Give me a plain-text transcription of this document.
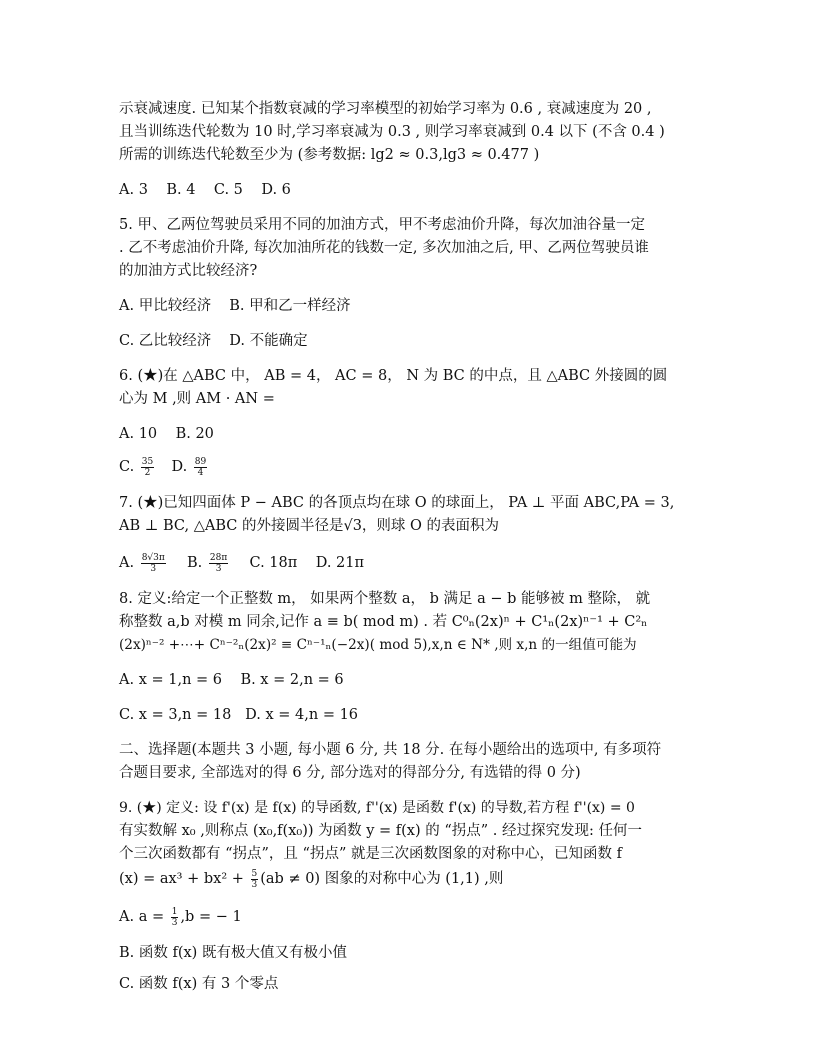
示衰减速度. 已知某个指数衰减的学习率模型的初始学习率为 0.6 , 衰减速度为 20 ,
且当训练迭代轮数为 10 时,学习率衰减为 0.3 , 则学习率衰减到 0.4 以下 (不含 0.4 )
所需的训练迭代轮数至少为 (参考数据: lg2 ≈ 0.3,lg3 ≈ 0.477 )
A. 3    B. 4    C. 5    D. 6
5. 甲、乙两位驾驶员采用不同的加油方式，甲不考虑油价升降，每次加油谷量一定
. 乙不考虑油价升降, 每次加油所花的钱数一定, 多次加油之后, 甲、乙两位驾驶员谁
的加油方式比较经济?
A. 甲比较经济 B. 甲和乙一样经济
C. 乙比较经济 D. 不能确定
6. (★)在 △ABC 中， AB = 4， AC = 8， N 为 BC 的中点，且 △ABC 外接圆的圆
心为 M ,则 AM · AN =
A. 10    B. 20
C. $\frac{35}{2} D$. $\frac{89}{4}$
7. (★)已知四面体 P − ABC 的各顶点均在球 O 的球面上， PA ⊥ 平面 ABC,PA = 3,
AB ⊥ BC, △ABC 的外接圆半径是√3，则球 O 的表面积为
A. $\frac{8√3\pi}{3} B$. $\frac{28\pi}{3} C$. 18π    D. 21π
8. 定义:给定一个正整数 m， 如果两个整数 a， b 满足 a − b 能够被 m 整除， 就
称整数 a,b 对模 m 同余,记作 a ≡ b( mod m) . 若 C⁰ₙ(2x)ⁿ + C¹ₙ(2x)ⁿ⁻¹ + C²ₙ
(2x)ⁿ⁻² +⋯+ Cⁿ⁻²ₙ(2x)² ≡ Cⁿ⁻¹ₙ(−2x)( mod 5),x,n ∈ N* ,则 x,n 的一组值可能为
A. x = 1,n = 6    B. x = 2,n = 6
C. x = 3,n = 18   D. x = 4,n = 16
二、选择题(本题共 3 小题, 每小题 6 分, 共 18 分. 在每小题给出的选项中, 有多项符
合题目要求, 全部选对的得 6 分, 部分选对的得部分分, 有选错的得 0 分)
9. (★) 定义: 设 f'(x) 是 f(x) 的导函数, f''(x) 是函数 f'(x) 的导数,若方程 f''(x) = 0
有实数解 x₀ ,则称点 (x₀,f(x₀)) 为函数 y = f(x) 的 “拐点” . 经过探究发现: 任何一
个三次函数都有 “拐点”，且 “拐点” 就是三次函数图象的对称中心，已知函数 f
$(x) = ax^3 + bx^2 + \frac{5}{3} (ab \ne 0)$ 图象的对称中心为 (1,1) ,则
A. $a = \frac{1}{3} ,b$ = − 1
B. 函数 f(x) 既有极大值又有极小值
C. 函数 f(x) 有 3 个零点
